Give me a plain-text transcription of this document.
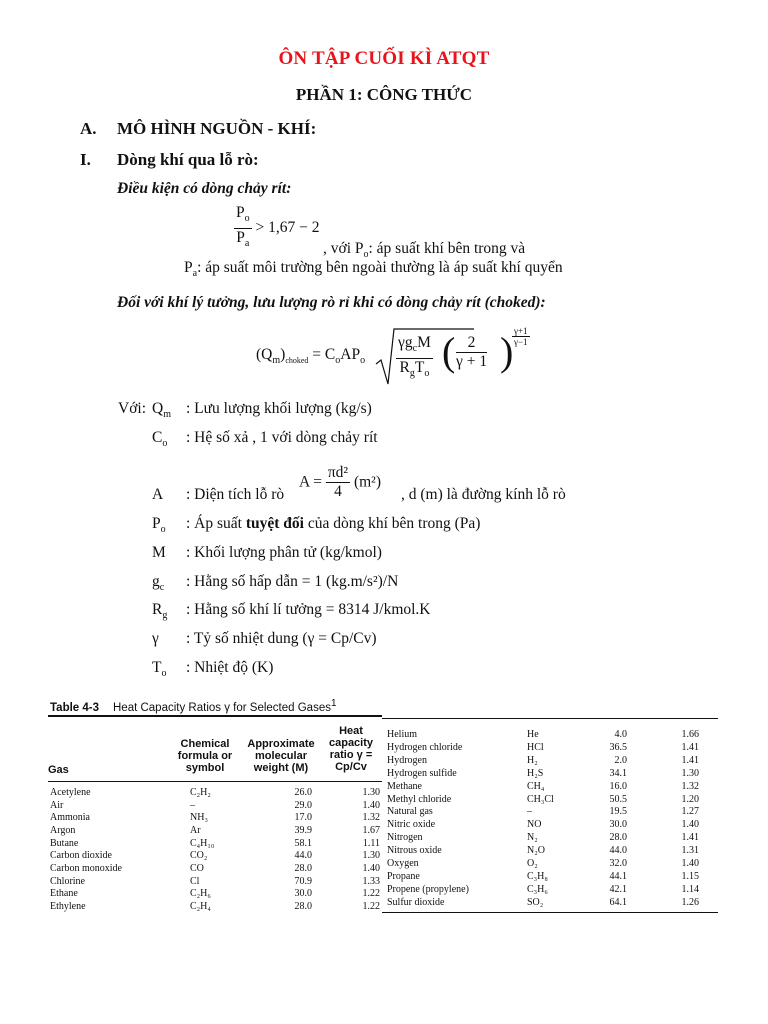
ÔN TẬP CUỐI KÌ ATQT
PHẦN 1: CÔNG THỨC
A. MÔ HÌNH NGUỒN - KHÍ:
I. Dòng khí qua lỗ rò:
Điều kiện có dòng chảy rít:
$\frac{P_o}{P_a} > 1,67 - 2$
, với $P_o$: áp suất khí bên trong và
$P_a$: áp suất môi trường bên ngoài thường là áp suất khí quyển
Đối với khí lý tưởng, lưu lượng rò rỉ khi có dòng chảy rít (choked):
$(Q_m)_{choked} = C_oAP_o$
$\gamma g_cM$
$R_gT_o$ ( $\frac{2}{\gamma + 1}$ )
$\frac{\gamma+1}{\gamma-1}$
Với: $Q_m$ : Lưu lượng khối lượng (kg/s)
$C_o$ : Hệ số xả , 1 với dòng chảy rít
A : Diện tích lỗ rò
$A = \frac{\text{πd²}}{4} (m^2)$
, d (m) là đường kính lỗ rò
$P_o$ : Áp suất tuyệt đối của dòng khí bên trong (Pa)
M : Khối lượng phân tử (kg/kmol)
$g_c$ : Hằng số hấp dẫn = 1 (kg.m/s²)/N
$R_g$ : Hằng số khí lí tưởng = 8314 J/kmol.K
γ : Tỷ số nhiệt dung (γ = Cp/Cv)
$T_o$ : Nhiệt độ (K)
Table 4-3 Heat Capacity Ratios γ for Selected Gases$^1$
Gas
Chemical formula or symbol
Approximate molecular weight (M)
Heat capacity ratio γ = Cp/Cv
Acetylene	C₂H₂	26.0	1.30
Air	–	29.0	1.40
Ammonia	NH₃	17.0	1.32
Argon	Ar	39.9	1.67
Butane	C₄H₁₀	58.1	1.11
Carbon dioxide	CO₂	44.0	1.30
Carbon monoxide	CO	28.0	1.40
Chlorine	Cl	70.9	1.33
Ethane	C₂H₆	30.0	1.22
Ethylene	C₂H₄	28.0	1.22
Helium	He	4.0	1.66
Hydrogen chloride	HCl	36.5	1.41
Hydrogen	H₂	2.0	1.41
Hydrogen sulfide	H₂S	34.1	1.30
Methane	CH₄	16.0	1.32
Methyl chloride	CH₃Cl	50.5	1.20
Natural gas	–	19.5	1.27
Nitric oxide	NO	30.0	1.40
Nitrogen	N₂	28.0	1.41
Nitrous oxide	N₂O	44.0	1.31
Oxygen	O₂	32.0	1.40
Propane	C₃H₈	44.1	1.15
Propene (propylene)	C₃H₆	42.1	1.14
Sulfur dioxide	SO₂	64.1	1.26
